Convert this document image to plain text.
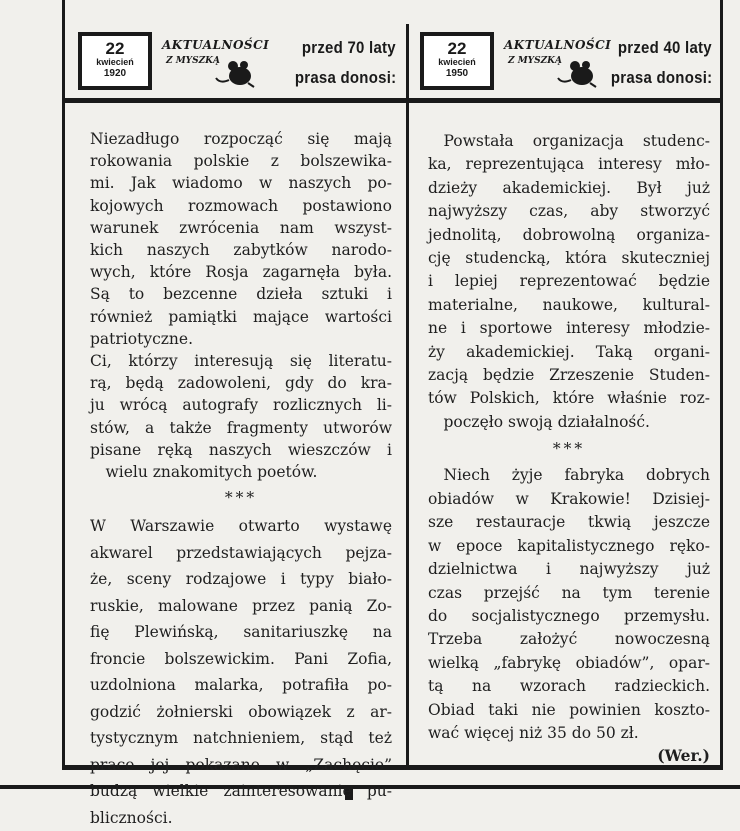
22
kwiecień
1920
AKTUALNOŚCI
Z MYSZKĄ
przed 70 laty
prasa donosi:
22
kwiecień
1950
AKTUALNOŚCI
Z MYSZKĄ
przed 40 laty
prasa donosi:
Niezadługo rozpocząć się mają
rokowania polskie z bolszewika-
mi. Jak wiadomo w naszych po-
kojowych rozmowach postawiono
warunek zwrócenia nam wszyst-
kich naszych zabytków narodo-
wych, które Rosja zagarnęła była.
Są to bezcenne dzieła sztuki i
również pamiątki mające wartości
patriotyczne.
Ci, którzy interesują się literatu-
rą, będą zadowoleni, gdy do kra-
ju wrócą autografy rozlicznych li-
stów, a także fragmenty utworów
pisane ręką naszych wieszczów i
wielu znakomitych poetów.
***
W Warszawie otwarto wystawę
akwarel przedstawiających pejza-
że, sceny rodzajowe i typy biało-
ruskie, malowane przez panią Zo-
fię Plewińską, sanitariuszkę na
froncie bolszewickim. Pani Zofia,
uzdolniona malarka, potrafiła po-
godzić żołnierski obowiązek z ar-
tystycznym natchnieniem, stąd też
prace jej pokazane w „Zachęcie”
budzą wielkie zainteresowanie pu-
bliczności.
Powstała organizacja studenc-
ka, reprezentująca interesy mło-
dzieży akademickiej. Był już
najwyższy czas, aby stworzyć
jednolitą, dobrowolną organiza-
cję studencką, która skuteczniej
i lepiej reprezentować będzie
materialne, naukowe, kultural-
ne i sportowe interesy młodzie-
ży akademickiej. Taką organi-
zacją będzie Zrzeszenie Studen-
tów Polskich, które właśnie roz-
poczęło swoją działalność.
***
Niech żyje fabryka dobrych
obiadów w Krakowie! Dzisiej-
sze restauracje tkwią jeszcze
w epoce kapitalistycznego ręko-
dzielnictwa i najwyższy już
czas przejść na tym terenie
do socjalistycznego przemysłu.
Trzeba założyć nowoczesną
wielką „fabrykę obiadów”, opar-
tą na wzorach radzieckich.
Obiad taki nie powinien koszto-
wać więcej niż 35 do 50 zł.
(Wer.)
